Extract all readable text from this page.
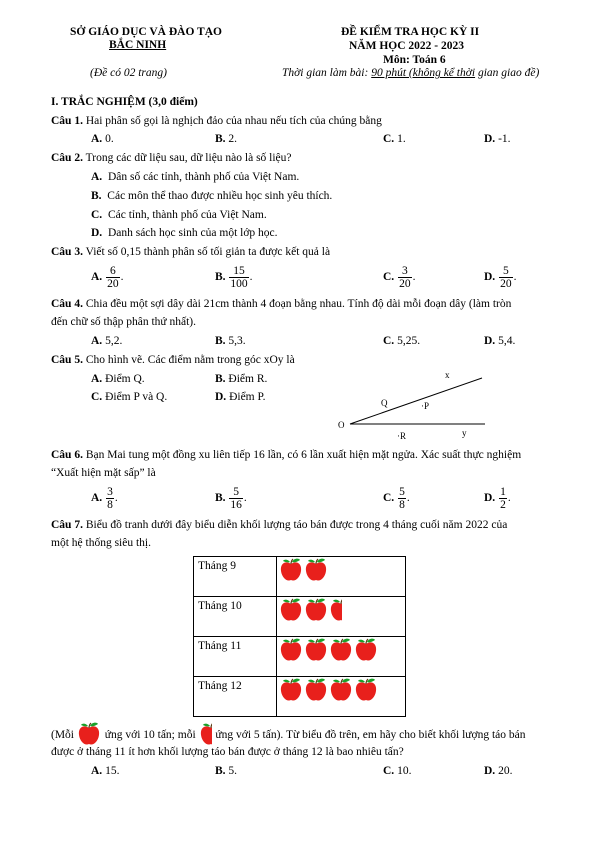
SỞ GIÁO DỤC VÀ ĐÀO TẠO
BẮC NINH
(Đề có 02 trang)
ĐỀ KIỂM TRA HỌC KỲ II
NĂM HỌC 2022 - 2023
Môn: Toán 6
Thời gian làm bài: 90 phút (không kể thời gian giao đề)
I. TRẮC NGHIỆM (3,0 điểm)
Câu 1. Hai phân số gọi là nghịch đảo của nhau nếu tích của chúng bằng
A. 0.	B. 2.	C. 1.	D. -1.
Câu 2. Trong các dữ liệu sau, dữ liệu nào là số liệu?
A. Dân số các tỉnh, thành phố của Việt Nam.
B. Các môn thể thao được nhiều học sinh yêu thích.
C. Các tỉnh, thành phố của Việt Nam.
D. Danh sách học sinh của một lớp học.
Câu 3. Viết số 0,15 thành phân số tối giản ta được kết quả là
A. $\frac{6}{20}$ .	B. $\frac{15}{100}$ .	C. $\frac{3}{20}$ .	D. $\frac{5}{20}$ .
Câu 4. Chia đều một sợi dây dài 21cm thành 4 đoạn bằng nhau. Tính độ dài mỗi đoạn dây (làm tròn
đến chữ số thập phân thứ nhất).
A. 5,2.	B. 5,3.	C. 5,25.	D. 5,4.
Câu 5. Cho hình vẽ. Các điểm nằm trong góc xOy là
A. Điểm Q.	B. Điểm R.
C. Điểm P và Q.	D. Điểm P.
O
x
y
Q	·P
·R
Câu 6. Bạn Mai tung một đồng xu liên tiếp 16 lần, có 6 lần xuất hiện mặt ngửa. Xác suất thực nghiệm
“Xuất hiện mặt sấp” là
A. $\frac{3}{8}$ .	B. $\frac{5}{16}$ .	C. $\frac{5}{8}$ .	D. $\frac{1}{2}$ .
Câu 7. Biểu đồ tranh dưới đây biểu diễn khối lượng táo bán được trong 4 tháng cuối năm 2022 của
một hệ thống siêu thị.
Tháng 9	
Tháng 10	
Tháng 11	
Tháng 12	
(Mỗi  ứng với 10 tấn; mỗi  ứng với 5 tấn). Từ biểu đồ trên, em hãy cho biết khối lượng táo bán
được ở tháng 11 ít hơn khối lượng táo bán được ở tháng 12 là bao nhiêu tấn?
A. 15.	B. 5.	C. 10.	D. 20.
